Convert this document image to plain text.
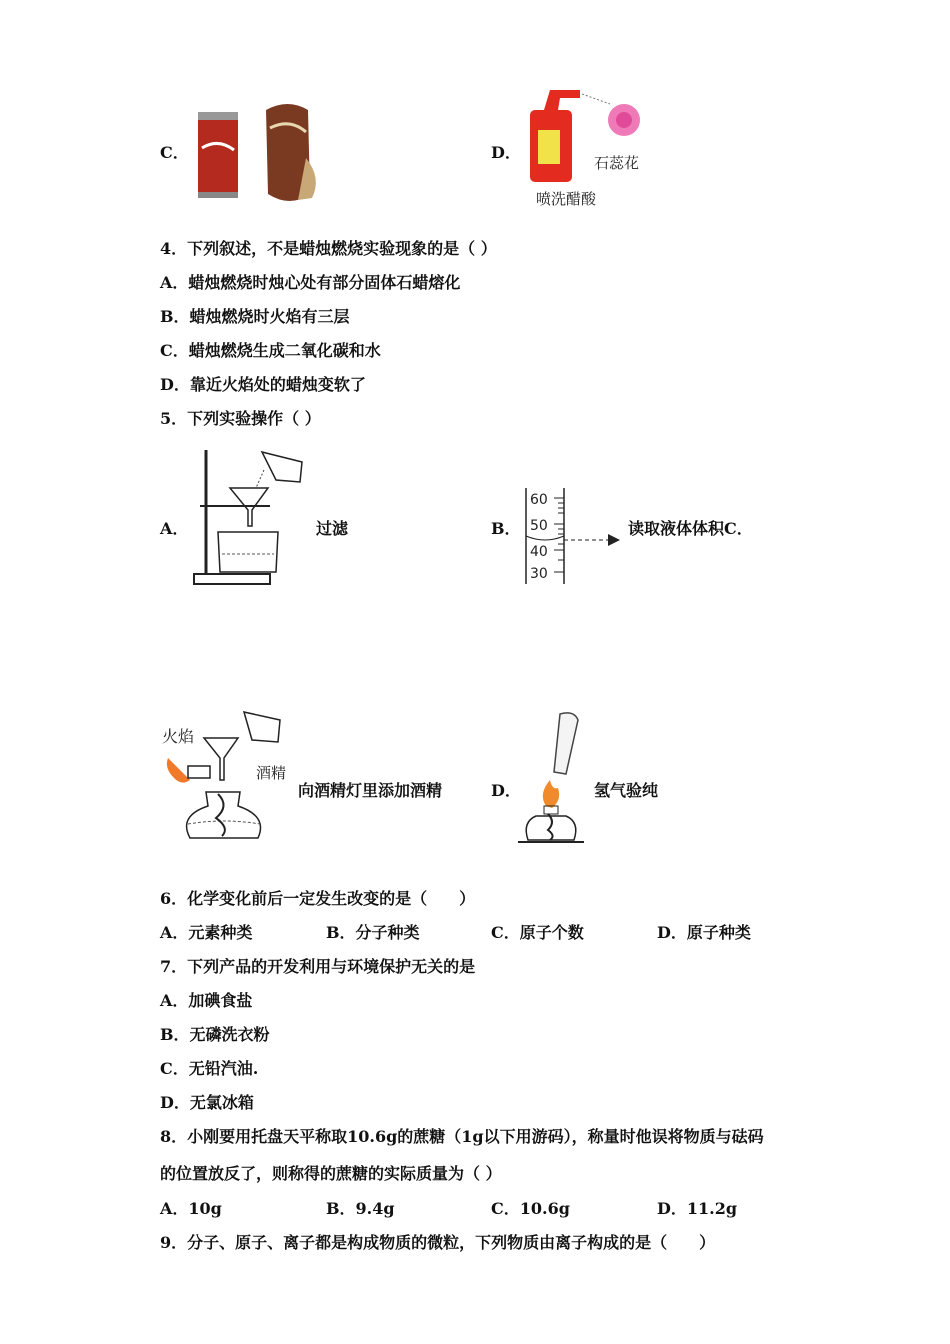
C．	D．
石蕊花
喷洗醋酸
4．下列叙述，不是蜡烛燃烧实验现象的是（ ）
A．蜡烛燃烧时烛心处有部分固体石蜡熔化
B．蜡烛燃烧时火焰有三层
C．蜡烛燃烧生成二氧化碳和水
D．靠近火焰处的蜡烛变软了
5．下列实验操作（ ）
A．	过滤	B．
60
50
40
30
读取液体体积C．
火焰
酒精
向酒精灯里添加酒精	D．	氢气验纯
6．化学变化前后一定发生改变的是（　　）
A．元素种类	B．分子种类	C．原子个数	D．原子种类
7．下列产品的开发利用与环境保护无关的是
A．加碘食盐
B．无磷洗衣粉
C．无铅汽油.
D．无氯冰箱
8．小刚要用托盘天平称取10.6g的蔗糖（1g以下用游码），称量时他误将物质与砝码
的位置放反了，则称得的蔗糖的实际质量为（ ）
A．10g	B．9.4g	C．10.6g	D．11.2g
9．分子、原子、离子都是构成物质的微粒，下列物质由离子构成的是（　　）
